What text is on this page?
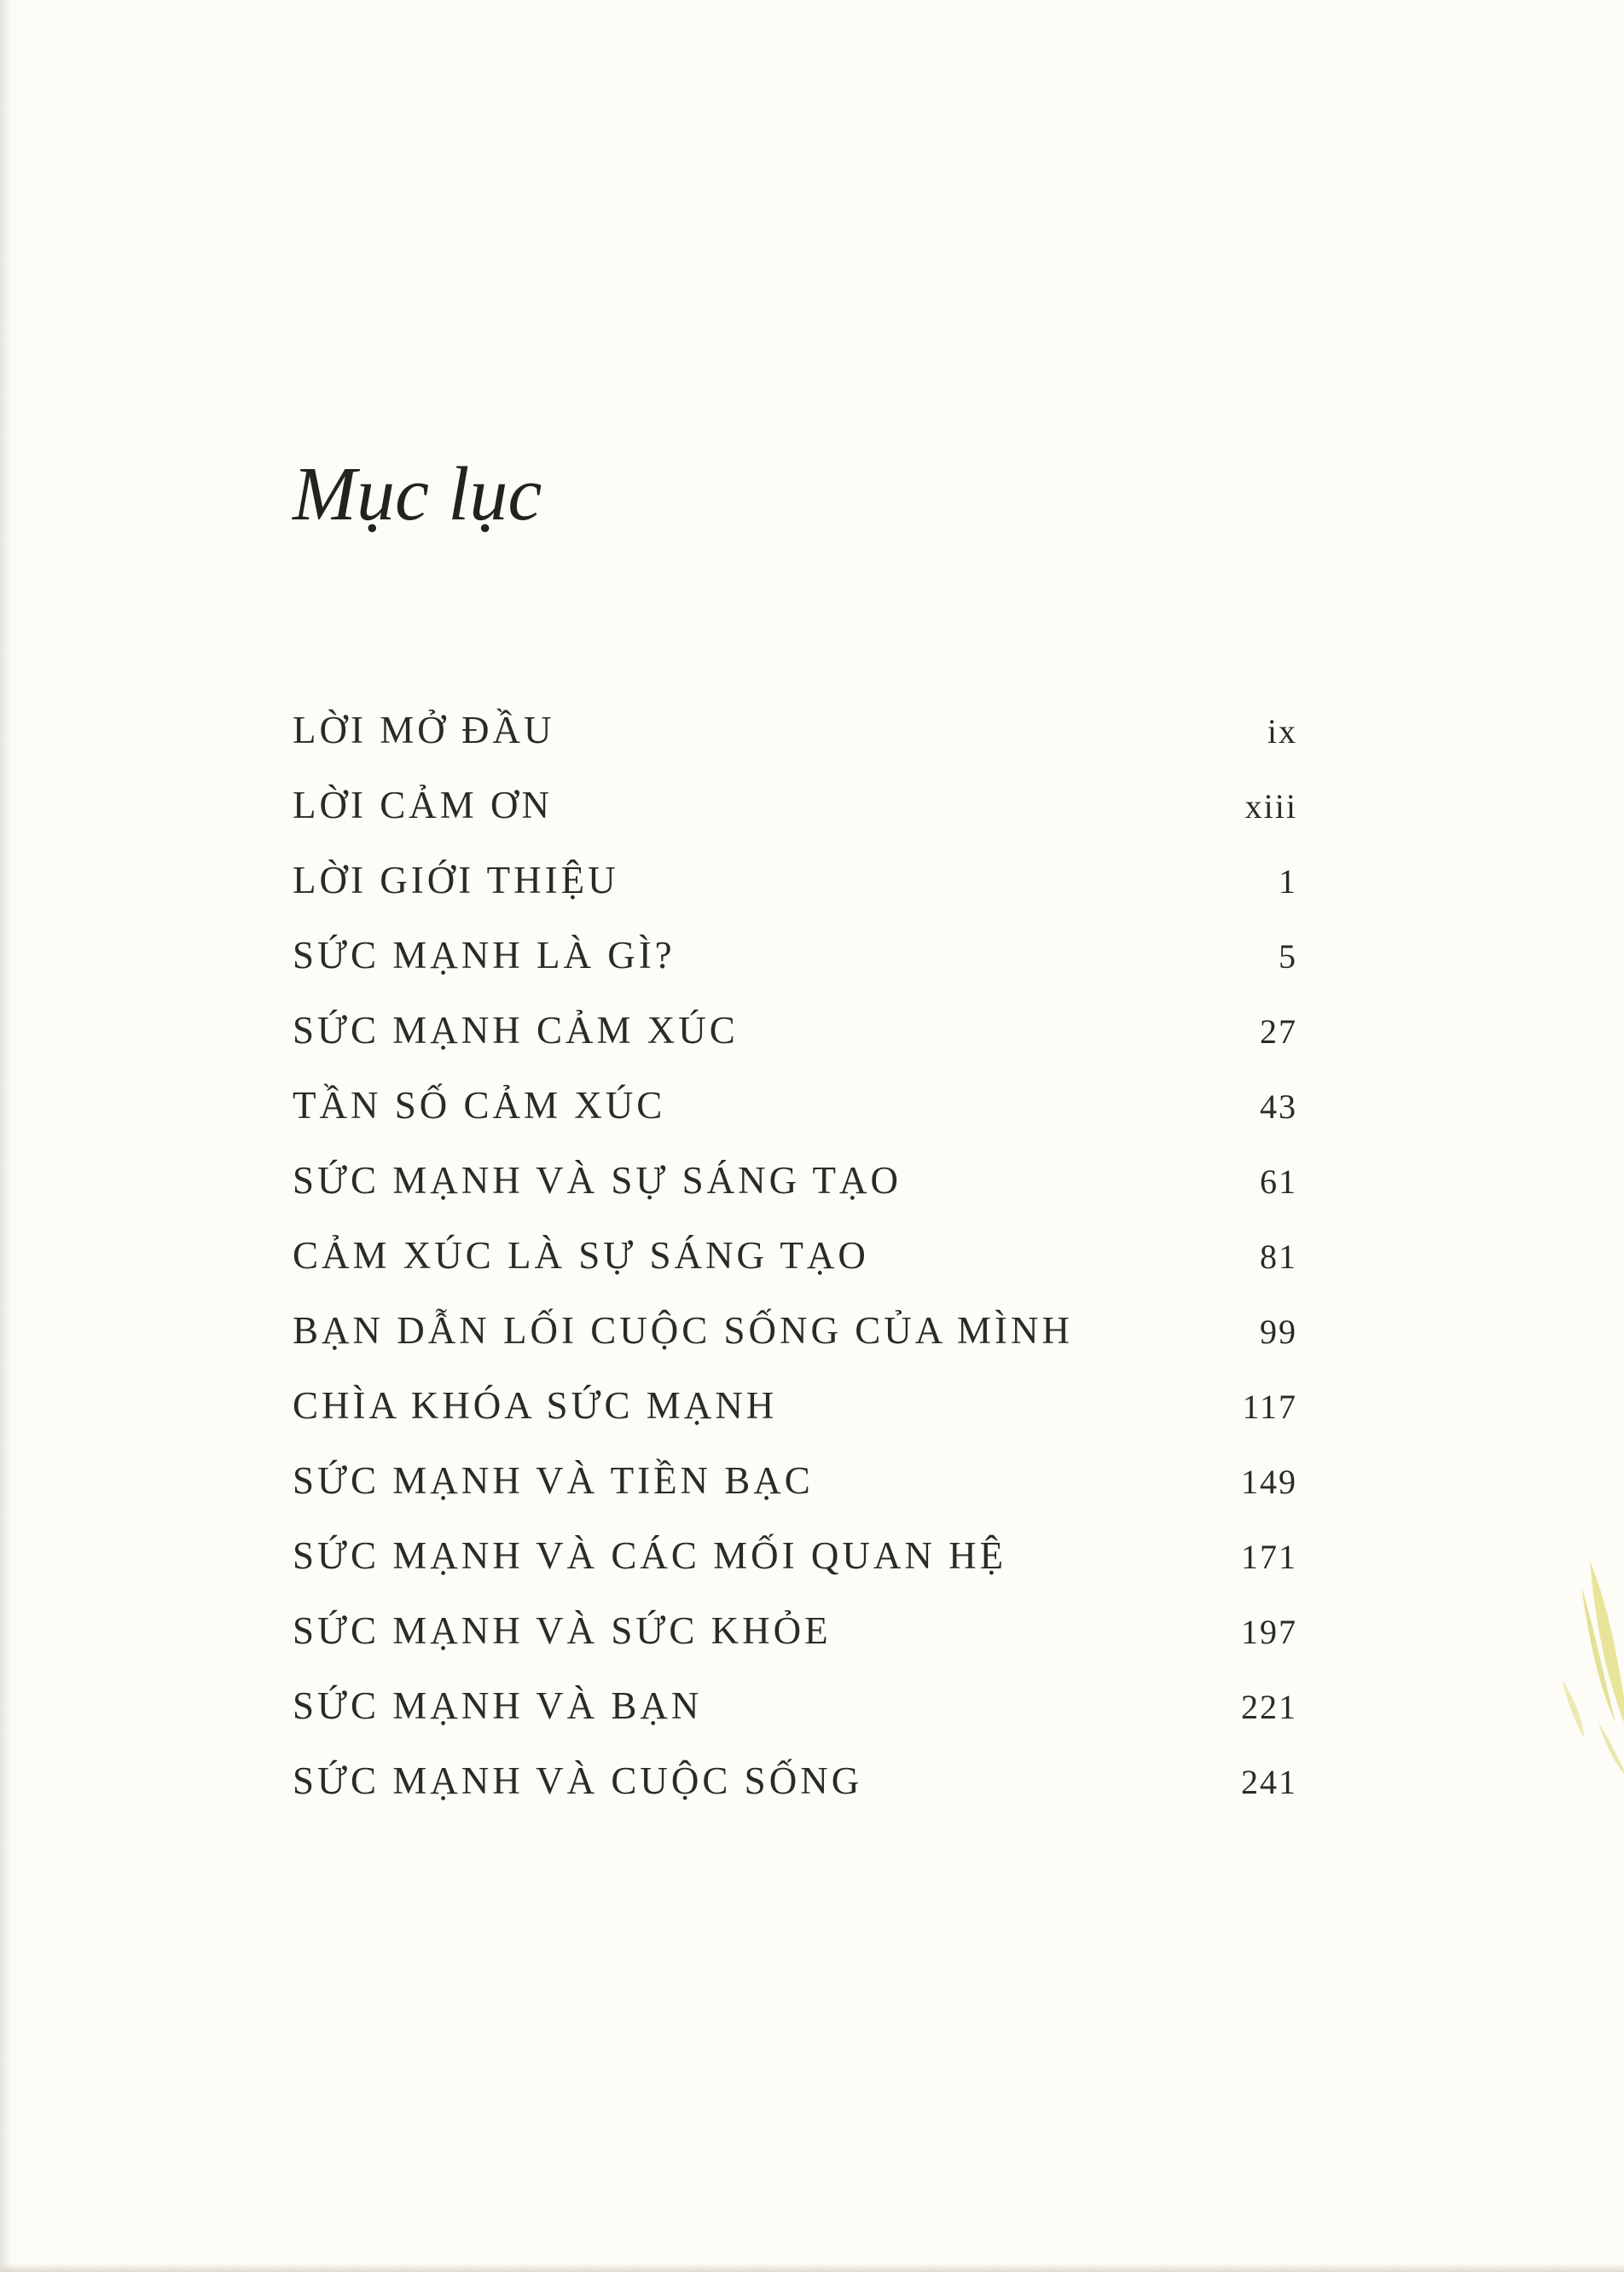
Mục lục
LỜI MỞ ĐẦU	ix
LỜI CẢM ƠN	xiii
LỜI GIỚI THIỆU	1
SỨC MẠNH LÀ GÌ?	5
SỨC MẠNH CẢM XÚC	27
TẦN SỐ CẢM XÚC	43
SỨC MẠNH VÀ SỰ SÁNG TẠO	61
CẢM XÚC LÀ SỰ SÁNG TẠO	81
BẠN DẪN LỐI CUỘC SỐNG CỦA MÌNH	99
CHÌA KHÓA SỨC MẠNH	117
SỨC MẠNH VÀ TIỀN BẠC	149
SỨC MẠNH VÀ CÁC MỐI QUAN HỆ	171
SỨC MẠNH VÀ SỨC KHỎE	197
SỨC MẠNH VÀ BẠN	221
SỨC MẠNH VÀ CUỘC SỐNG	241
